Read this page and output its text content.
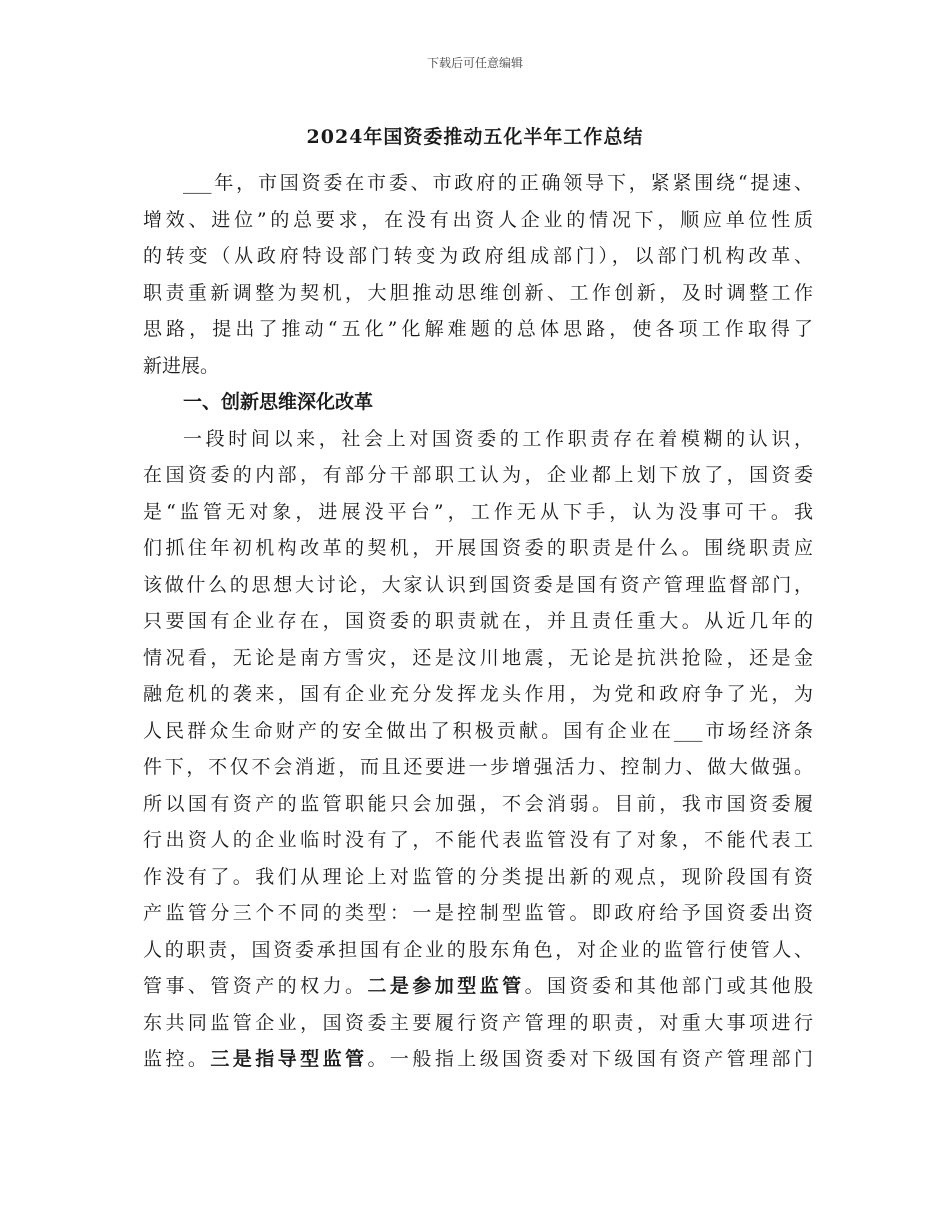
下载后可任意编辑
2024年国资委推动五化半年工作总结
___年，市国资委在市委、市政府的正确领导下，紧紧围绕“提速、
增效、进位”的总要求，在没有出资人企业的情况下，顺应单位性质
的转变（从政府特设部门转变为政府组成部门），以部门机构改革、
职责重新调整为契机，大胆推动思维创新、工作创新，及时调整工作
思路，提出了推动“五化”化解难题的总体思路，使各项工作取得了
新进展。
一、创新思维深化改革
一段时间以来，社会上对国资委的工作职责存在着模糊的认识，
在国资委的内部，有部分干部职工认为，企业都上划下放了，国资委
是“监管无对象，进展没平台”，工作无从下手，认为没事可干。我
们抓住年初机构改革的契机，开展国资委的职责是什么。围绕职责应
该做什么的思想大讨论，大家认识到国资委是国有资产管理监督部门，
只要国有企业存在，国资委的职责就在，并且责任重大。从近几年的
情况看，无论是南方雪灾，还是汶川地震，无论是抗洪抢险，还是金
融危机的袭来，国有企业充分发挥龙头作用，为党和政府争了光，为
人民群众生命财产的安全做出了积极贡献。国有企业在___市场经济条
件下，不仅不会消逝，而且还要进一步增强活力、控制力、做大做强。
所以国有资产的监管职能只会加强，不会消弱。目前，我市国资委履
行出资人的企业临时没有了，不能代表监管没有了对象，不能代表工
作没有了。我们从理论上对监管的分类提出新的观点，现阶段国有资
产监管分三个不同的类型：一是控制型监管。即政府给予国资委出资
人的职责，国资委承担国有企业的股东角色，对企业的监管行使管人、
管事、管资产的权力。二是参加型监管。国资委和其他部门或其他股
东共同监管企业，国资委主要履行资产管理的职责，对重大事项进行
监控。三是指导型监管。一般指上级国资委对下级国有资产管理部门
